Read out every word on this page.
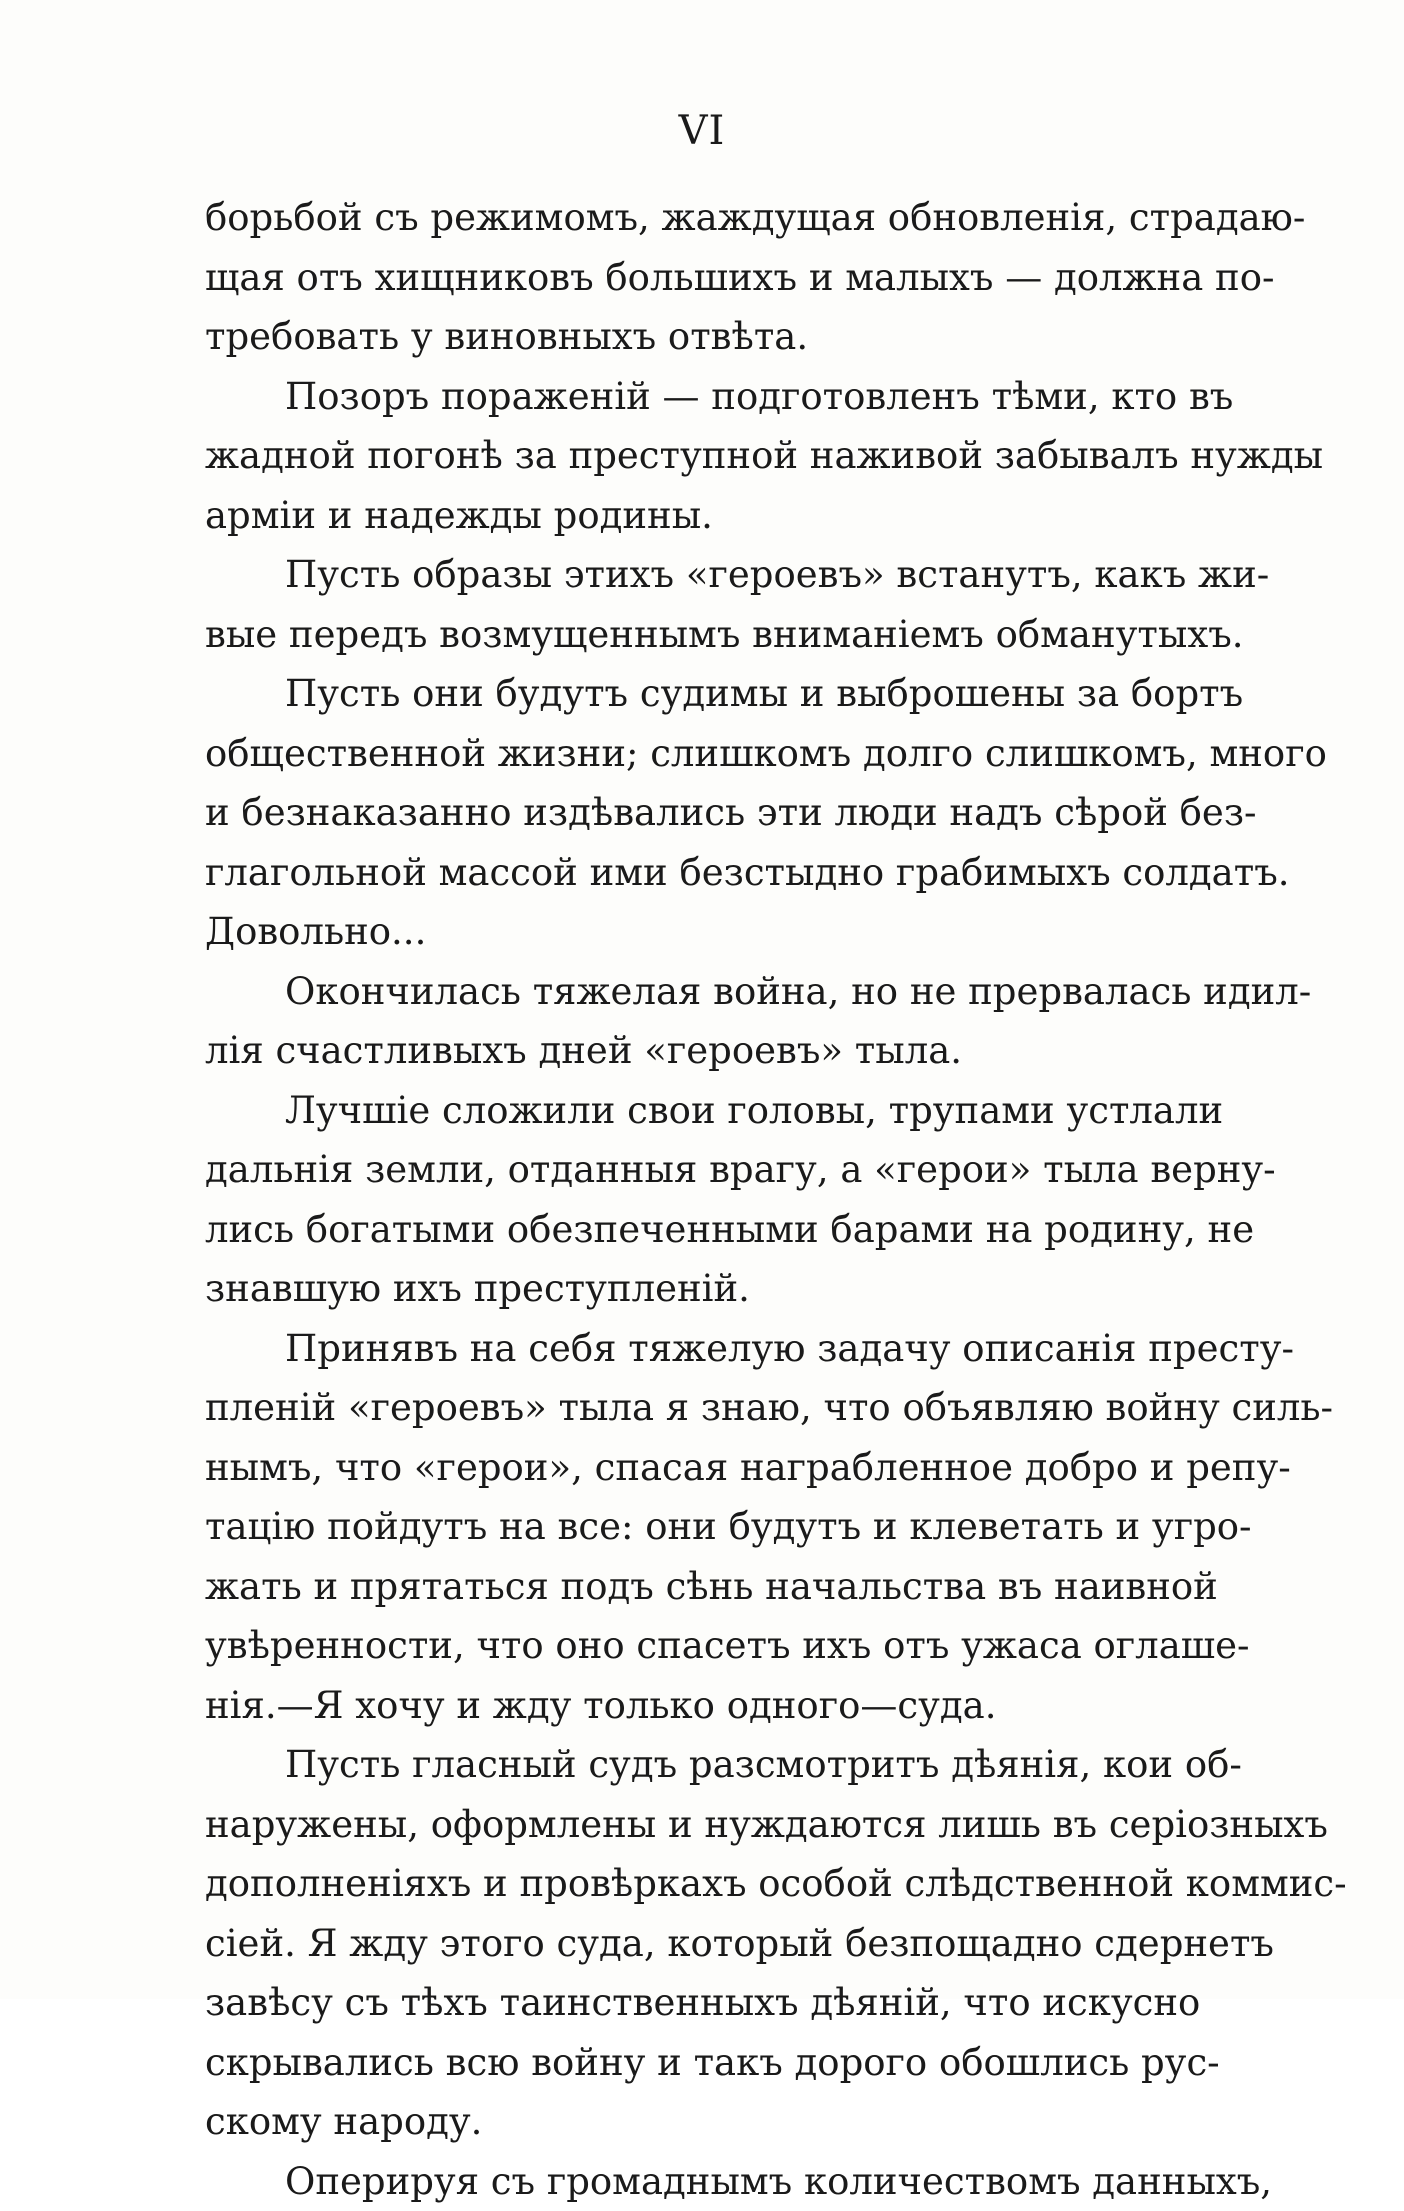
VI

борьбой съ режимомъ, жаждущая обновленія, страдаю-
щая отъ хищниковъ большихъ и малыхъ — должна по-
требовать у виновныхъ отвѣта.

Позоръ пораженій — подготовленъ тѣми, кто въ
жадной погонѣ за преступной наживой забывалъ нужды
арміи и надежды родины.

Пусть образы этихъ «героевъ» встанутъ, какъ жи-
вые передъ возмущеннымъ вниманіемъ обманутыхъ.

Пусть они будутъ судимы и выброшены за бортъ
общественной жизни; слишкомъ долго слишкомъ, много
и безнаказанно издѣвались эти люди надъ сѣрой без-
глагольной массой ими безстыдно грабимыхъ солдатъ.
Довольно...

Окончилась тяжелая война, но не прервалась идил-
лія счастливыхъ дней «героевъ» тыла.

Лучшіе сложили свои головы, трупами устлали
дальнія земли, отданныя врагу, а «герои» тыла верну-
лись богатыми обезпеченными барами на родину, не
знавшую ихъ преступленій.

Принявъ на себя тяжелую задачу описанія престу-
пленій «героевъ» тыла я знаю, что объявляю войну силь-
нымъ, что «герои», спасая награбленное добро и репу-
тацію пойдутъ на все: они будутъ и клеветать и угро-
жать и прятаться подъ сѣнь начальства въ наивной
увѣренности, что оно спасетъ ихъ отъ ужаса оглаше-
нія.—Я хочу и жду только одного—суда.

Пусть гласный судъ разсмотритъ дѣянія, кои об-
наружены, оформлены и нуждаются лишь въ серіозныхъ
дополненіяхъ и провѣркахъ особой слѣдственной коммис-
сіей. Я жду этого суда, который безпощадно сдернетъ
завѣсу съ тѣхъ таинственныхъ дѣяній, что искусно
скрывались всю войну и такъ дорого обошлись рус-
скому народу.

Оперируя съ громаднымъ количествомъ данныхъ,
